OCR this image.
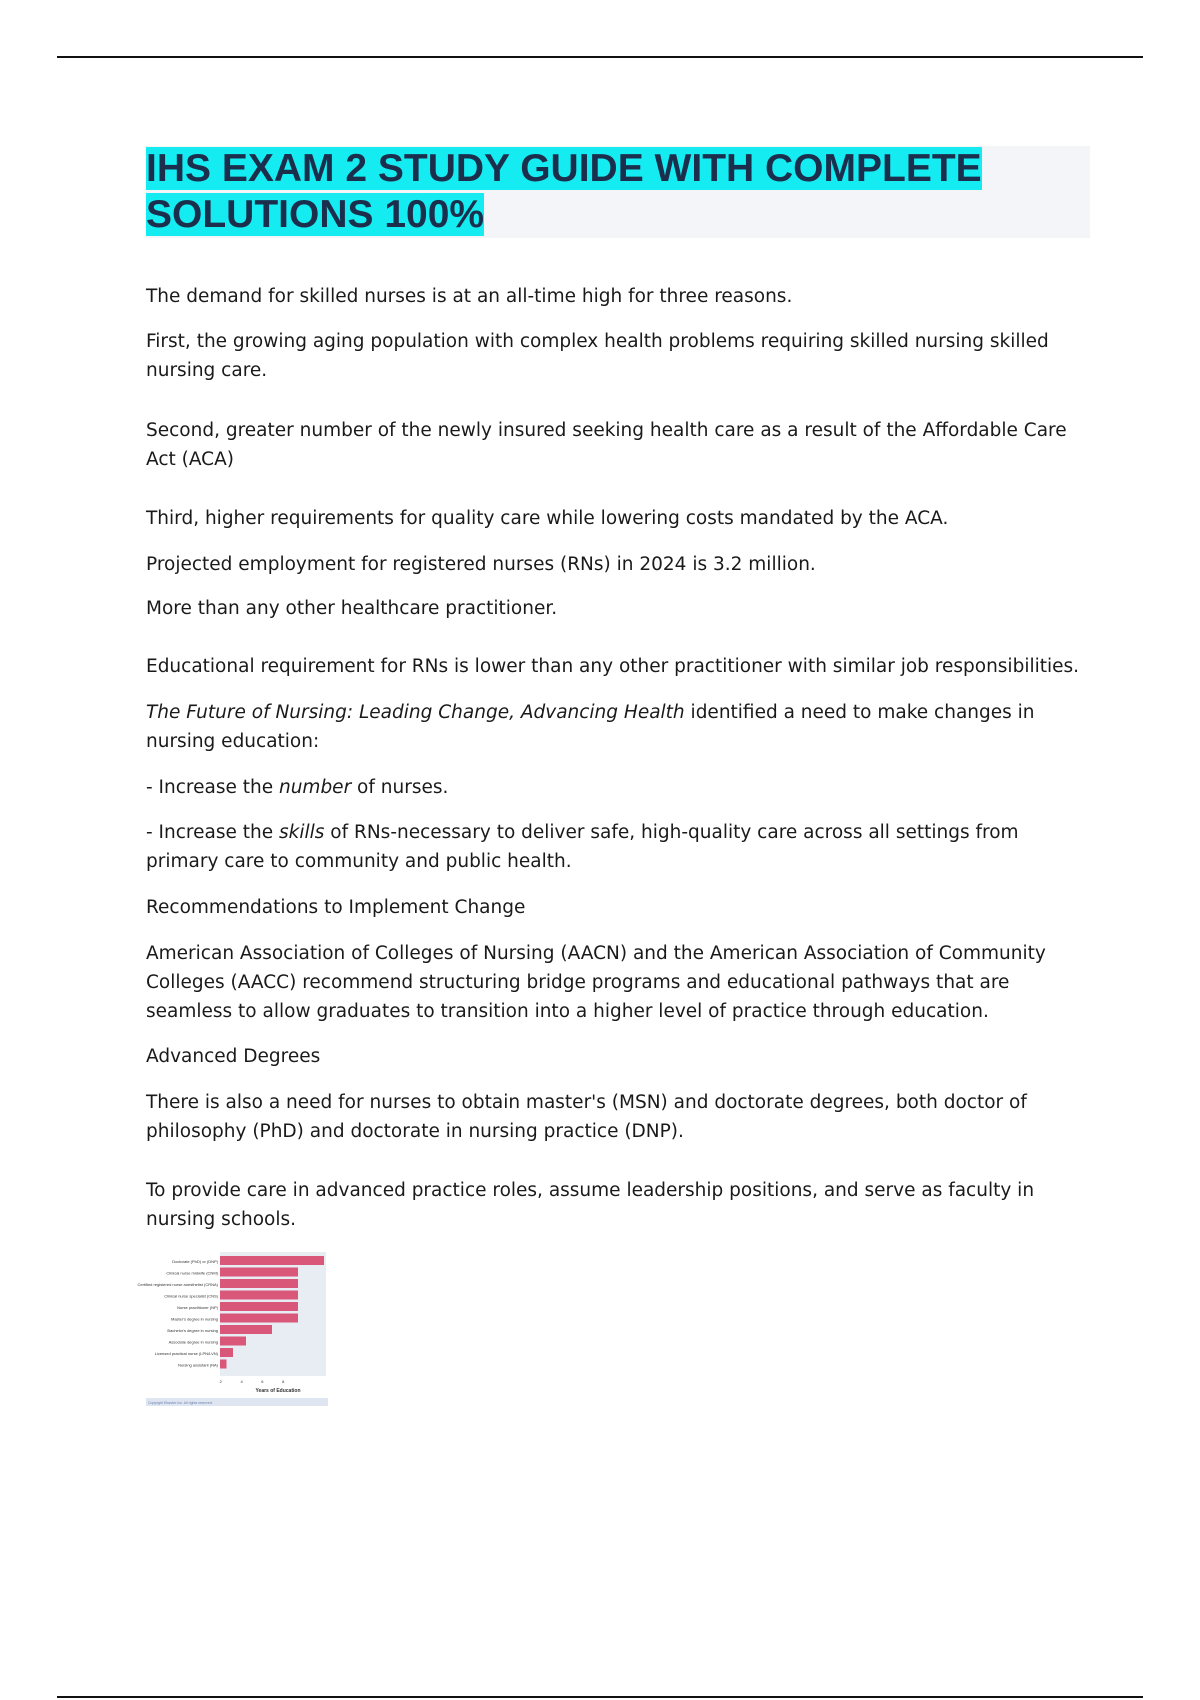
IHS EXAM 2 STUDY GUIDE WITH COMPLETE
SOLUTIONS 100%

The demand for skilled nurses is at an all-time high for three reasons.

First, the growing aging population with complex health problems requiring skilled nursing skilled nursing care.

Second, greater number of the newly insured seeking health care as a result of the Affordable Care Act (ACA)

Third, higher requirements for quality care while lowering costs mandated by the ACA.

Projected employment for registered nurses (RNs) in 2024 is 3.2 million.

More than any other healthcare practitioner.

Educational requirement for RNs is lower than any other practitioner with similar job responsibilities.

The Future of Nursing: Leading Change, Advancing Health identified a need to make changes in nursing education:

- Increase the number of nurses.

- Increase the skills of RNs-necessary to deliver safe, high-quality care across all settings from primary care to community and public health.

Recommendations to Implement Change

American Association of Colleges of Nursing (AACN) and the American Association of Community Colleges (AACC) recommend structuring bridge programs and educational pathways that are seamless to allow graduates to transition into a higher level of practice through education.

Advanced Degrees

There is also a need for nurses to obtain master's (MSN) and doctorate degrees, both doctor of philosophy (PhD) and doctorate in nursing practice (DNP).

To provide care in advanced practice roles, assume leadership positions, and serve as faculty in nursing schools.

Doctorate (PhD) or (DNP)
Clinical nurse midwife (CNM)
Certified registered nurse anesthetist (CRNA)
Clinical nurse specialist (CNS)
Nurse practitioner (NP)
Master's degree in nursing
Bachelor's degree in nursing
Associate degree in nursing
Licensed practical nurse (LPN/LVN)
Nursing assistant (NA)
2	4	6	8
Years of Education
Copyright Elsevier Inc. All rights reserved.
